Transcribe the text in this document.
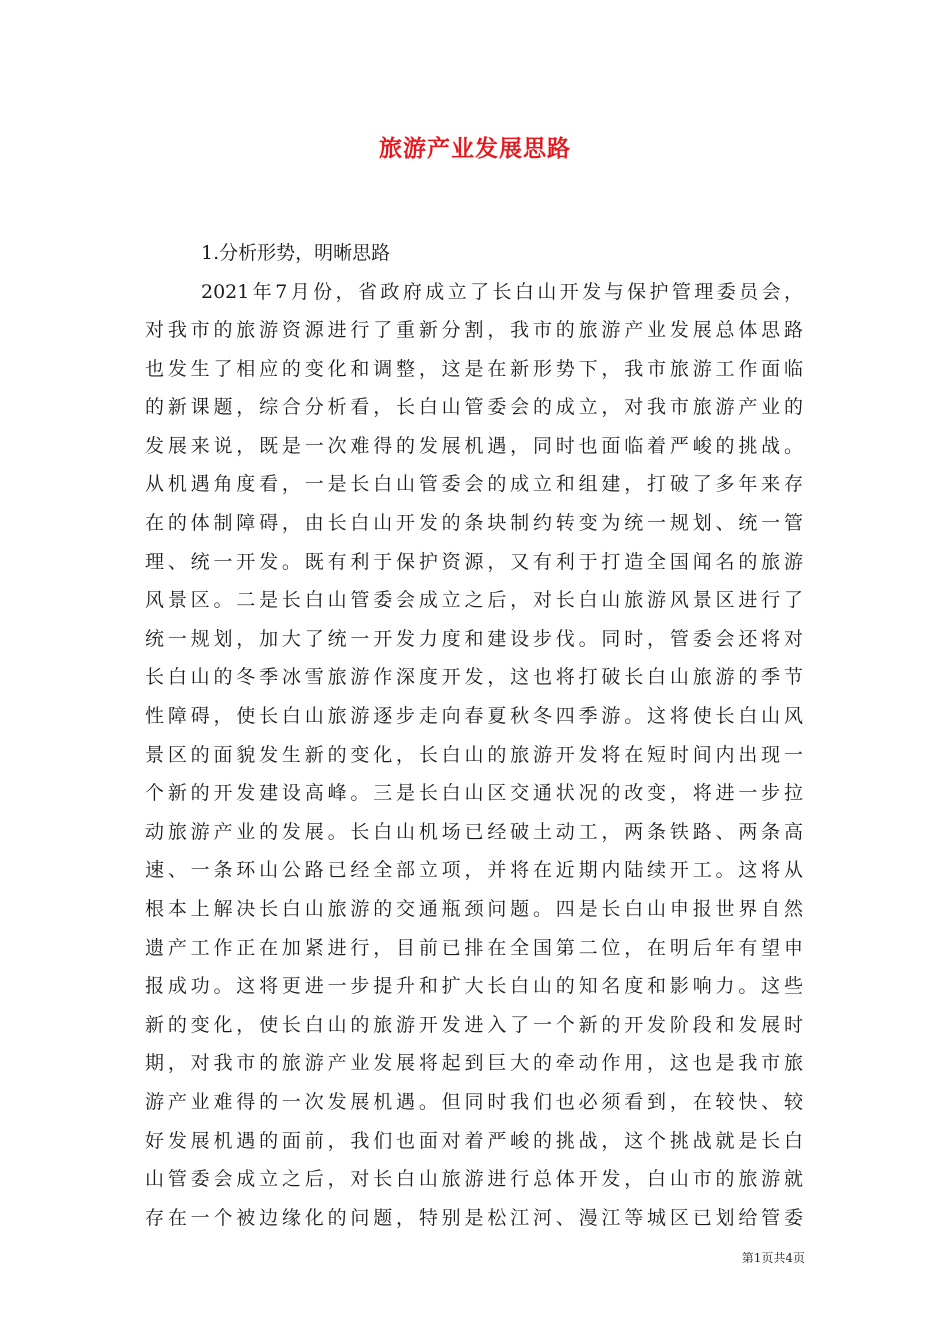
旅游产业发展思路

1.分析形势，明晰思路

2021年7月份，省政府成立了长白山开发与保护管理委员会，
对我市的旅游资源进行了重新分割，我市的旅游产业发展总体思路
也发生了相应的变化和调整，这是在新形势下，我市旅游工作面临
的新课题，综合分析看，长白山管委会的成立，对我市旅游产业的
发展来说，既是一次难得的发展机遇，同时也面临着严峻的挑战。
从机遇角度看，一是长白山管委会的成立和组建，打破了多年来存
在的体制障碍，由长白山开发的条块制约转变为统一规划、统一管
理、统一开发。既有利于保护资源，又有利于打造全国闻名的旅游
风景区。二是长白山管委会成立之后，对长白山旅游风景区进行了
统一规划，加大了统一开发力度和建设步伐。同时，管委会还将对
长白山的冬季冰雪旅游作深度开发，这也将打破长白山旅游的季节
性障碍，使长白山旅游逐步走向春夏秋冬四季游。这将使长白山风
景区的面貌发生新的变化，长白山的旅游开发将在短时间内出现一
个新的开发建设高峰。三是长白山区交通状况的改变，将进一步拉
动旅游产业的发展。长白山机场已经破土动工，两条铁路、两条高
速、一条环山公路已经全部立项，并将在近期内陆续开工。这将从
根本上解决长白山旅游的交通瓶颈问题。四是长白山申报世界自然
遗产工作正在加紧进行，目前已排在全国第二位，在明后年有望申
报成功。这将更进一步提升和扩大长白山的知名度和影响力。这些
新的变化，使长白山的旅游开发进入了一个新的开发阶段和发展时
期，对我市的旅游产业发展将起到巨大的牵动作用，这也是我市旅
游产业难得的一次发展机遇。但同时我们也必须看到，在较快、较
好发展机遇的面前，我们也面对着严峻的挑战，这个挑战就是长白
山管委会成立之后，对长白山旅游进行总体开发，白山市的旅游就
存在一个被边缘化的问题，特别是松江河、漫江等城区已划给管委

第1页共4页
